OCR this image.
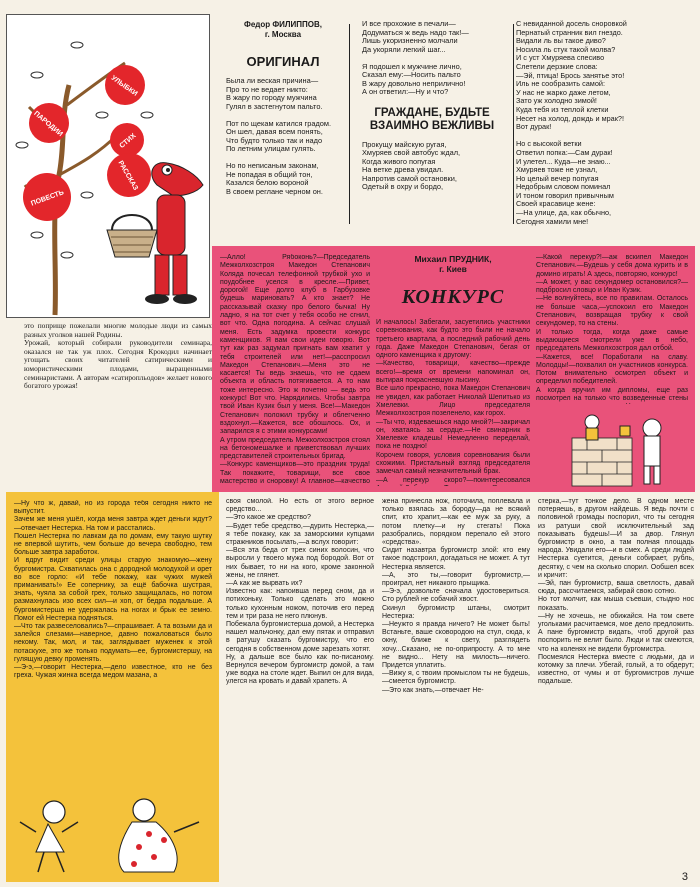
УЛЫБКИ
ПАРОДИИ
СТИХ
РАССКАЗ
ПОВЕСТЬ
это поприще пожелали многие молодые люди из самых разных уголков нашей Родины.
Урожай, который собирали руководители семинара, оказался не так уж плох. Сегодня Крокодил начинает угощать своих читателей сатирическими и юмористическими плодами, выращенными семинаристами. А авторам «сатиропльодов» желает нового богатого урожая!
Федор ФИЛИППОВ,
г. Москва
ОРИГИНАЛ
Была ли веская причина—
Про то не ведает никто:
В жару по городу мужчина
Гулял в застегнутом пальто.

Пот по щекам катился градом.
Он шел, давая всем понять,
Что будто только так и надо
По летним улицам гулять.

Но по неписаным законам,
Не попадая в общий тон,
Казался белою вороной
В своем реглане черном он.
И все прохожие в печали—
Додуматься ж ведь надо так!—
Лишь укоризненно молчали
Да укоряли легкий шаг...

Я подошел к мужчине лично,
Сказал ему:—Носить пальто
В жару довольно неприлично!
А он ответил:—Ну и что?
ГРАЖДАНЕ, БУДЬТЕ ВЗАИМНО ВЕЖЛИВЫ
Прокущу майскую ругая,
Хмуряев свой автобус ждал,
Когда живого попугая
На ветке древа увидал.
Напротив самой остановки,
Одетый в охру и бордо,
С невиданной досель сноровкой
Пернатый странник вил гнездо.
Видали ль вы такое диво?
Носила ль стук такой молва?
И с уст Хмуряева спесиво
Слетели дерзкие слова:
—Эй, птица! Брось занятье это!
Иль не сообразить самой:
У нас не жарко даже летом,
Зато уж холодно зимой!
Куда тебя из теплой клетки
Несет на холод, дождь и мрак?!
Вот дурак!

Но с высокой ветки
Ответил попка:—Сам дурак!
И улетел... Куда—не знаю...
Хмуряев тоже не узнал,
Но целый вечер попугая
Недобрым словом поминал
И тоном говорил привычным
Своей красавице жене:
—На улице, да, как обычно,
Сегодня хамили мне!
—Алло! Рябоконь?—Председатель Межколхозстроя Македон Степанович Коляда почесал телефонной трубкой ухо и поудобнее уселся в кресле.—Привет, дорогой! Еще долго клуб в Гарбузовке будешь мариновать? А кто знает? Не рассказывай сказку про белого бычка! Ну ладно, я на тот счет у тебя особо не сгнил, вот что. Одна погодина. А сейчас слушай меня. Есть задумка провести конкурс каменщиков. Я вам свои идеи говорю. Вот тут как раз задумал пригнать вам хватит у тебя строителей или нет!—расспросил Македон Степанович.—Меня это не касается! Ты ведь знаешь, что не сдаем объекта и область потягивается. А то нам тоже интересно. Это ж почетно — ведь это конкурс! Вот что. Нарядились. Чтобы завтра твой Иван Кузик был у меня. Все!—Македон Степанович положил трубку и облегченно вздохнул.—Кажется, все обошлось. Ох, и запарился я с этими конкурсами!
А утром председатель Межколхозстроя стоял на бетономешалке и приветствовал лучших представителей строительных бригад.
—Конкурс каменщиков—это праздник труда! Так покажите, товарищи, все свое мастерство и сноровку! А главное—качество

Михаил ПРУДНИК,
г. Киев
КОНКУРС
И началось! Забегали, засуетились участники соревнования, как будто это были не начало третьего квартала, а последний рабочий день года. Даже Македон Степанович, бегая от одного каменщика к другому:
—Качество, товарищи, качество—прежде всего!—время от времени напоминал он, вытирая покрасневшую лысину.
Все шло прекрасно, пока Македон Степанович не увидел, как работает Николай Шепитько из Хмелевки. Лицо председателя Межколхозстроя позеленело, как горох.
—Ты что, издеваешься надо мной?!—закричал он, хватаясь за сердце.—Не свинарник в Хмелевке кладешь! Немедленно переделай, пока не поздно!
Корочем говоря, условия соревнования были схожими. Пристальный взгляд председателя замечал самый незначительный брак.
—А перекур скоро?—поинтересовался
—Какой перекур?!—аж вскипел Македон Степанович.—Будешь у себя дома курить и в домино играть! А здесь, повторяю, конкурс!
—А может, у вас секундомер остановился?—подбросил словцо и Иван Кузик.
—Не волнуйтесь, все по правилам. Осталось не больше часа,—успокоил его Македон Степанович, возвращая трубку к свой секундомер, то на стены.
И только тогда, когда даже самые выдающиеся смотрели уже в небо, председатель Межколхозстроя дал отбой.
—Кажется, все! Поработали на славу. Молодцы!—похвалил он участников конкурса. Потом внимательно осмотрел объект и определил победителей.
А когда вручил им дипломы, еще раз посмотрел на только что возведенные стены
—Ну что ж, давай, но из города тебя сегодня никто не выпустит.
Зачем же меня ушёл, когда меня завтра ждет деньги ждут?—отвечает Нестерка. На том и расстались.
Пошел Нестерка по лавкам да по домам, ему такую шутку не впервой шутить, чем больше до вечера свободно, тем больше завтра заработок.
И вдруг видит среди улицы старую знакомую—жену бургомистра. Схватилась она с дородной молодухой и орет во все горло: «И тебе покажу, как чужих мужей приманивать!» Ее сопернику, за ещё бабочка шустрая, знать, чуяла за собой грех, только защищалась, но потом размахнулась изо всех сил—и хоп, от бедра подальше. А бургомистерша не удержалась на ногах и брык ее земно. Помог ей Нестерка подняться.
—Что так развеселовались?—спрашивает. А та возьми да и залейся слезами—наверное, давно пожаловаться было некому. Так, мол, и так, заглядывает муженек к этой потаскухе, это же только подумать—ее, бургомистершу, на гулящую девку променять.
—Э-э,—говорит Нестерка,—дело известное, кто не без греха. Чужая жинка всегда медом мазана, а
своя смолой. Но есть от этого верное средство...
—Это какое же средство?
—Будет тебе средство,—дурить Нестерка,—я тебе покажу, как за заморскими купцами стражников посылать,—а вслух говорит:
—Вся эта беда от трех синих волосин, что выросли у твоего мужа под бородой. Вот от них бывает, то ни на кого, кроме законной жены, не глянет.
—А как же вырвать их?
Известно как: напоивша перед сном, да и потихоньку. Только сделать это можно только кухонным ножом, поточив его перед тем и три раза не него плюнув.
Побежала бургомистерша домой, а Нестерка нашел мальчонку, дал ему пятак и отправил в ратушу сказать бургомистру, что его сегодня в собственном доме зарезать хотят.
Ну, а дальше все было как по-писаному. Вернулся вечером бургомистр домой, а там уже водка на столе ждет. Выпил он для вида, улегся на кровать и давай храпеть. А
жена принесла нож, поточила, поплевала и только взялась за бороду—да не всякий спит, кто храпит,—как ее муж за руку, а потом плетку—и ну стегать! Пока разобрались, порядком перепало ей этого «средства».
Сидит назавтра бургомистр злой: кто ему такое подстроил, догадаться не может. А тут Нестерка является.
—А, это ты,—говорит бургомистр,—проиграл, нет никакого прыщика.
—Э-э, дозвольте сначала удостовериться. Сто рублей не собачий хвост.
Скинул бургомистр штаны, смотрит Нестерка:
—Неужто я правда ничего? Не может быть! Встаньте, ваше сковородою на стул, сюда, к окну, ближе к свету, разглядеть хочу...Сказано, не по-оприпросту. А то мне не видно... Нету на милость—ничего. Придется уплатить.
—Вижу я, с твоим промыслом ты не будешь,—смеется бургомистр.
—Это как знать,—отвечает Не-
стерка,—тут тонкое дело. В одном месте потеряешь, в другом найдешь. Я ведь почти с половиной громады поспорил, что ты сегодня из ратуши свой исключительный зад показывать будешь!—И за двор. Глянул бургомистр в окно, а там полная площадь народа. Увидали его—и в смех. А среди людей Нестерка суетится, деньги собирает, рубль, десятку, с чем на сколько спорил. Ообшел всех и кричит:
—Эй, пан бургомистр, ваша светлость, давай сюда, рассчитаемся, забирай свою сотню.
Но тот молчит, как мыша съевши, стыдно нос показать.
—Ну не хочешь, не обижайся. На том свете угольками расчитаемся, мое дело предложить. А пане бургомистр видать, чтоб другой раз поспорить не велит было. Люди и так смеются, что на коленях не видели бургомистра.
Посмеялся Нестерка вместе с людьми, да и котомку за плечи. Убегай, голый, а то обдерут; известно, от чумы и от бургомистров лучше подальше.
3
